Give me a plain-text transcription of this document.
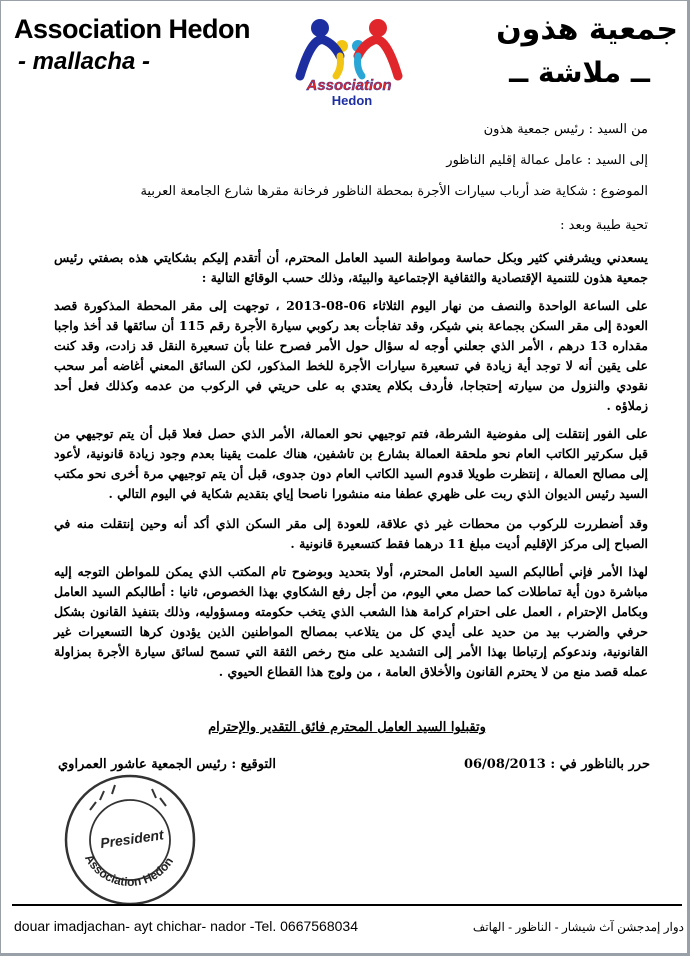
Association Hedon
- mallacha -
جمعية هذون
ــ ملاشة ــ
Association
Hedon
من السيد : رئيس جمعية هذون
إلى السيد : عامل عمالة إقليم الناظور
الموضوع : شكاية ضد أرباب سيارات الأجرة بمحطة الناظور فرخانة مقرها شارع الجامعة العربية
تحية طيبة وبعد :
يسعدني ويشرفني كثير وبكل حماسة ومواطنة السيد العامل المحترم، أن أتقدم إليكم بشكايتي هذه بصفتي رئيس جمعية هذون للتنمية الإقتصادية والثقافية الإجتماعية والبيئة، وذلك حسب الوقائع التالية :
على الساعة الواحدة والنصف من نهار اليوم الثلاثاء 06-08-2013 ، توجهت إلى مقر المحطة المذكورة قصد العودة إلى مقر السكن بجماعة بني شيكر، وقد تفاجأت بعد ركوبي سيارة الأجرة رقم 115 أن سائقها قد أخذ واجبا مقداره 13 درهم ، الأمر الذي جعلني أوجه له سؤال حول الأمر فصرح علنا بأن تسعيرة النقل قد زادت، وقد كنت على يقين أنه لا توجد أية زيادة في تسعيرة سيارات الأجرة للخط المذكور، لكن السائق المعني أغاضه أمر سحب نقودي والنزول من سيارته إحتجاجا، فأردف بكلام يعتدي به على حريتي في الركوب من عدمه وكذلك فعل أحد زملاؤه .
على الفور إنتقلت إلى مفوضية الشرطة، فتم توجيهي نحو العمالة، الأمر الذي حصل فعلا قبل أن يتم توجيهي من قبل سكرتير الكاتب العام نحو ملحقة العمالة بشارع بن تاشفين، هناك علمت يقينا بعدم وجود زيادة قانونية، لأعود إلى مصالح العمالة ، إنتظرت طويلا قدوم السيد الكاتب العام دون جدوى، قبل أن يتم توجيهي مرة أخرى نحو مكتب السيد رئيس الديوان الذي ربت على ظهري عطفا منه منشورا ناصحا إياي بتقديم شكاية في اليوم التالي .
وقد أضطررت للركوب من محطات غير ذي علاقة، للعودة إلى مقر السكن الذي أكد أنه وحين إنتقلت منه في الصباح إلى مركز الإقليم أديت مبلغ 11 درهما فقط كتسعيرة قانونية .
لهذا الأمر فإني أطالبكم السيد العامل المحترم، أولا بتحديد وبوضوح تام المكتب الذي يمكن للمواطن التوجه إليه مباشرة دون أية تماطلات كما حصل معي اليوم، من أجل رفع الشكاوي بهذا الخصوص، ثانيا : أطالبكم السيد العامل وبكامل الإحترام ، العمل على احترام كرامة هذا الشعب الذي يتخب حكومته ومسؤوليه، وذلك بتنفيذ القانون بشكل حرفي والضرب بيد من حديد على أيدي كل من يتلاعب بمصالح المواطنين الذين يؤدون كرها التسعيرات غير القانونية، وندعوكم إرتباطا بهذا الأمر إلى التشديد على منح رخص الثقة التي تسمح لسائق سيارة الأجرة بمزاولة عمله قصد منع من لا يحترم القانون والأخلاق العامة ، من ولوج هذا القطاع الحيوي .
وتقبلوا السيد العامل المحترم فائق التقدير والإحترام
التوقيع : رئيس الجمعية عاشور العمراوي	حرر بالناظور في : 06/08/2013
President
Association Hedon
douar imadjachan- ayt chichar- nador -Tel. 0667568034	دوار إمدجشن آث شيشار - الناظور - الهاتف
